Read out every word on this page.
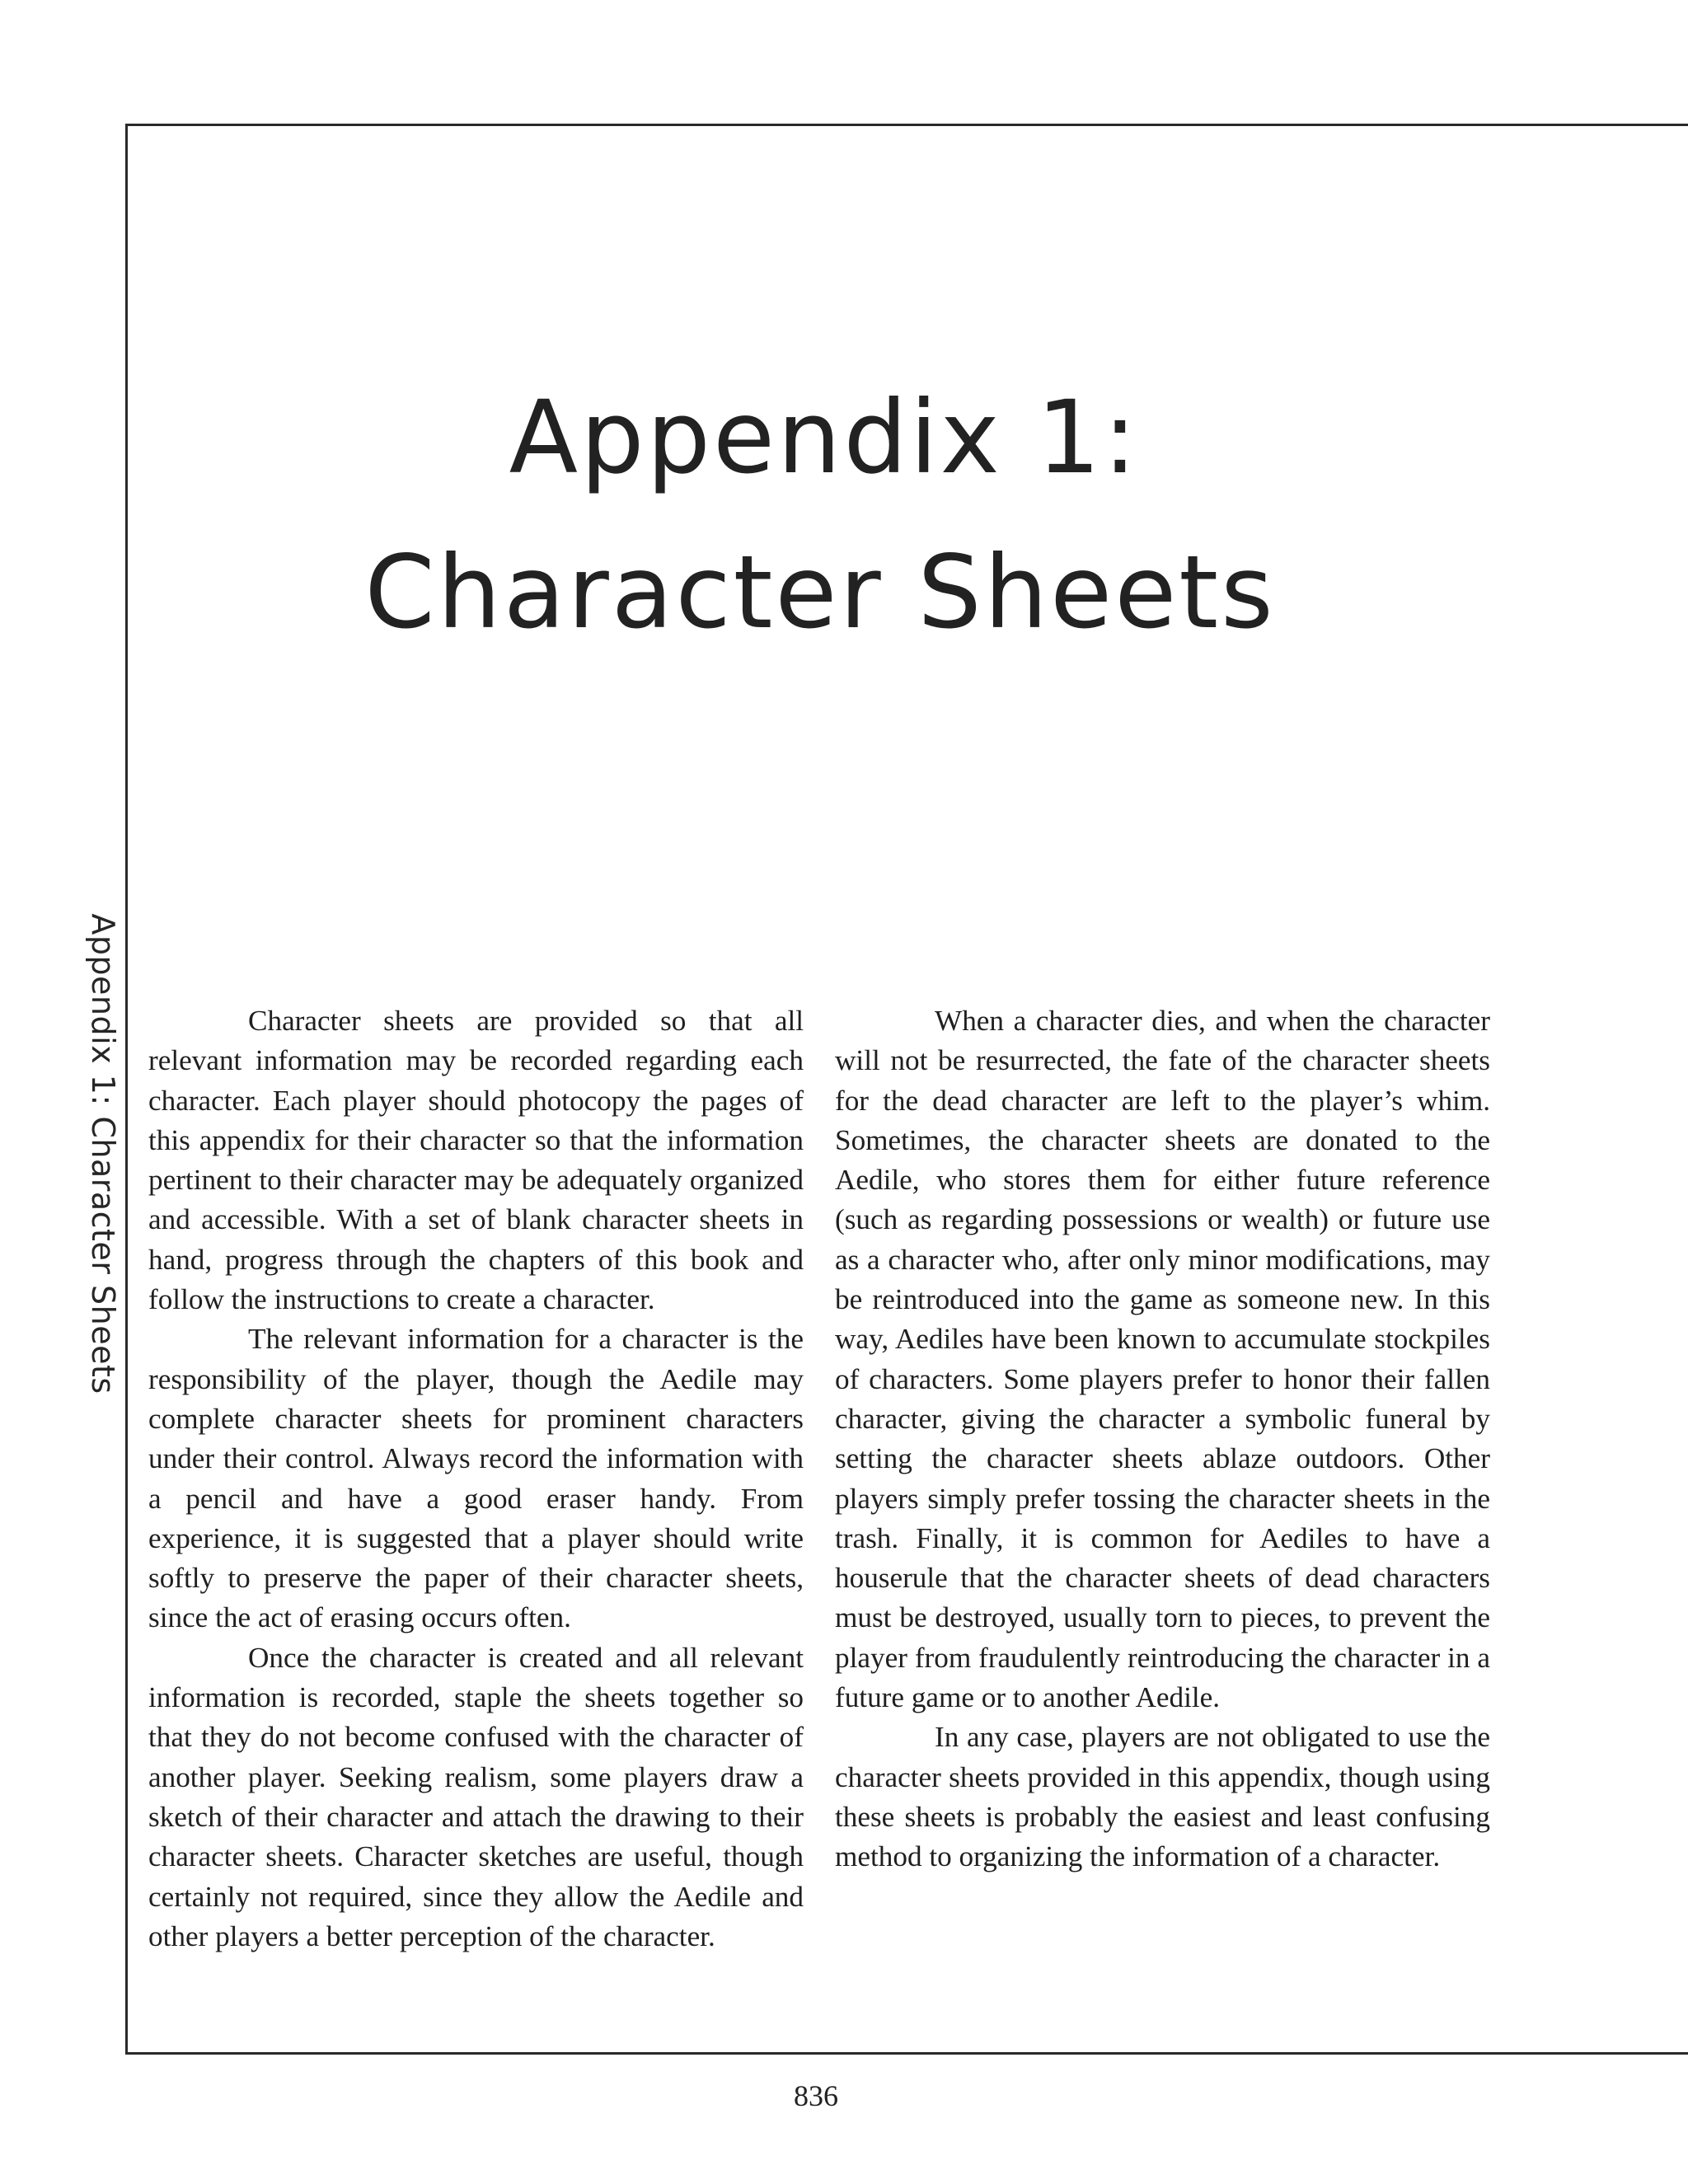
Appendix 1: Character Sheets
Appendix 1:
Character Sheets

Character sheets are provided so that all relevant information may be recorded regarding each character. Each player should photocopy the pages of this appendix for their character so that the information pertinent to their character may be adequately organized and accessible. With a set of blank character sheets in hand, progress through the chapters of this book and follow the instructions to create a character.

The relevant information for a character is the responsibility of the player, though the Aedile may complete character sheets for prominent characters under their control. Always record the information with a pencil and have a good eraser handy. From experience, it is suggested that a player should write softly to preserve the paper of their character sheets, since the act of erasing occurs often.

Once the character is created and all relevant information is recorded, staple the sheets together so that they do not become confused with the character of another player. Seeking realism, some players draw a sketch of their character and attach the drawing to their character sheets. Character sketches are useful, though certainly not required, since they allow the Aedile and other players a better perception of the character.

When a character dies, and when the character will not be resurrected, the fate of the character sheets for the dead character are left to the player’s whim. Sometimes, the character sheets are donated to the Aedile, who stores them for either future reference (such as regarding possessions or wealth) or future use as a character who, after only minor modifications, may be reintroduced into the game as someone new. In this way, Aediles have been known to accumulate stockpiles of characters. Some players prefer to honor their fallen character, giving the character a symbolic funeral by setting the character sheets ablaze outdoors. Other players simply prefer tossing the character sheets in the trash. Finally, it is common for Aediles to have a houserule that the character sheets of dead characters must be destroyed, usually torn to pieces, to prevent the player from fraudulently reintroducing the character in a future game or to another Aedile.

In any case, players are not obligated to use the character sheets provided in this appendix, though using these sheets is probably the easiest and least confusing method to organizing the information of a character.

836
